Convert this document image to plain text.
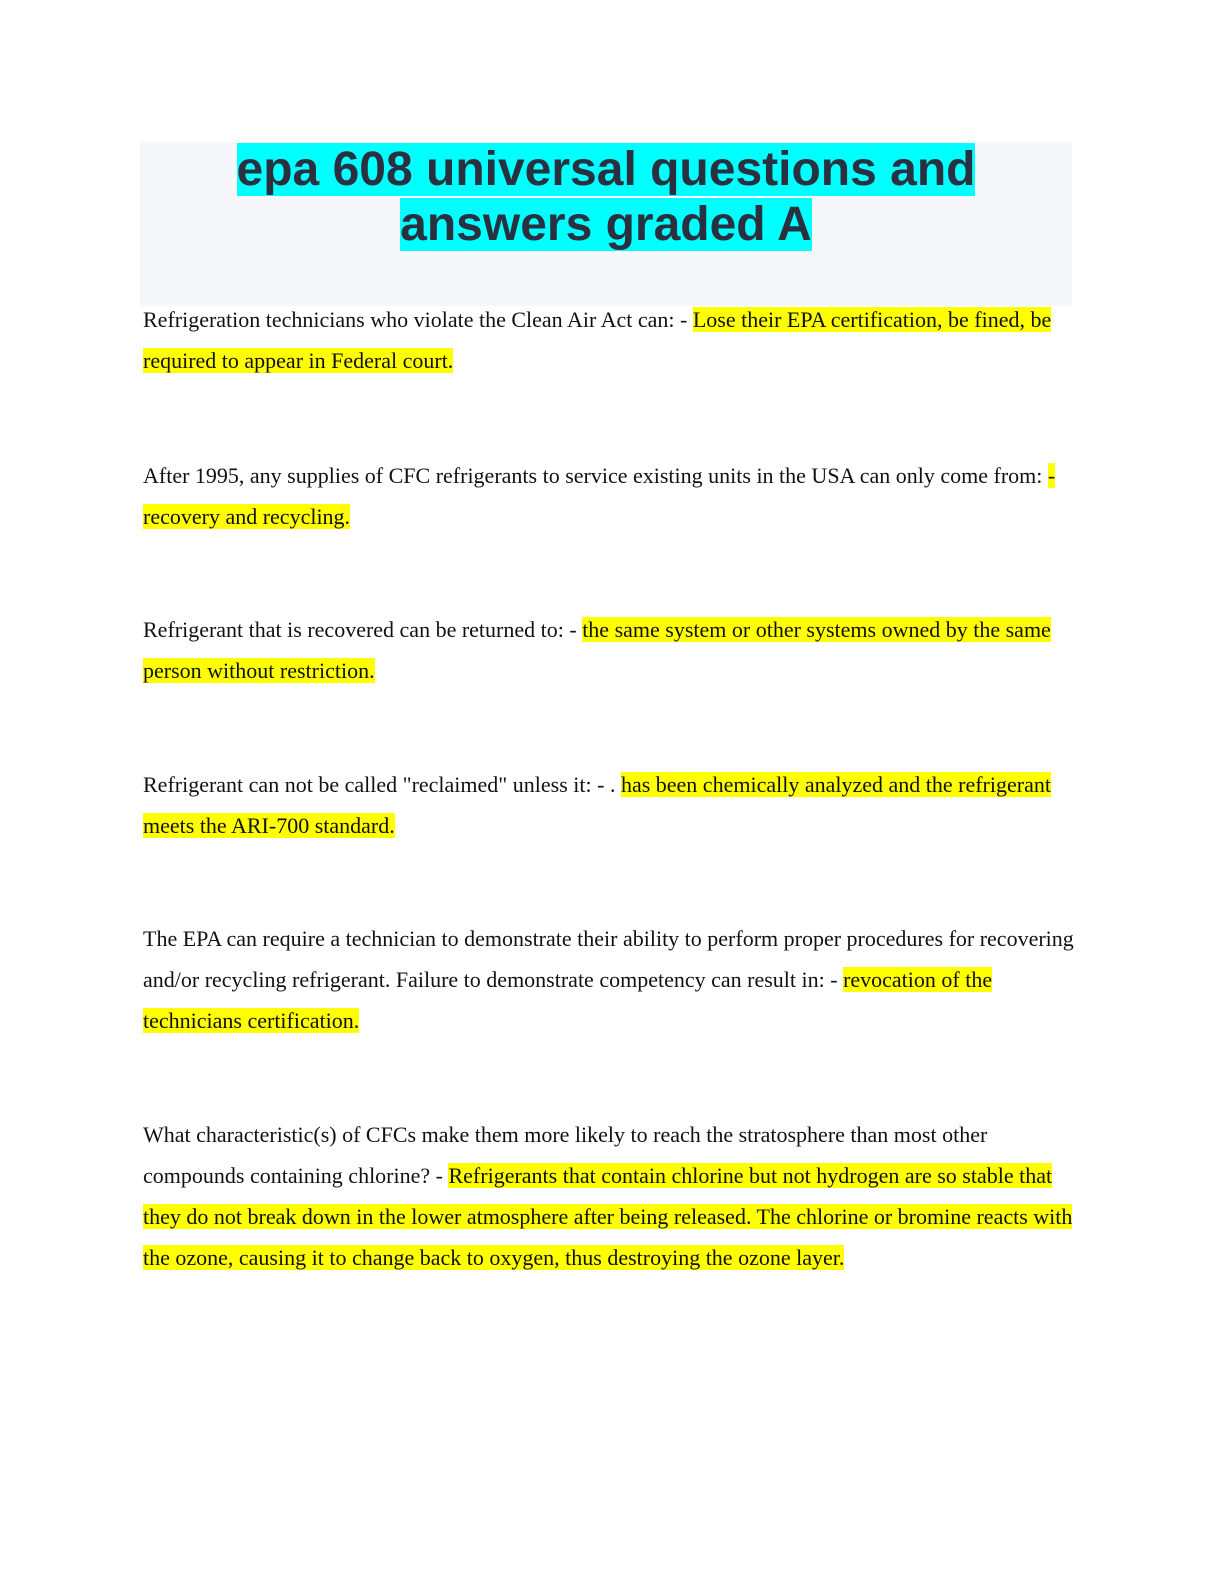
epa 608 universal questions and
answers graded A

Refrigeration technicians who violate the Clean Air Act can: - Lose their EPA certification, be fined, be required to appear in Federal court.

After 1995, any supplies of CFC refrigerants to service existing units in the USA can only come from: - recovery and recycling.

Refrigerant that is recovered can be returned to: - the same system or other systems owned by the same person without restriction.

Refrigerant can not be called "reclaimed" unless it: - . has been chemically analyzed and the refrigerant meets the ARI-700 standard.

The EPA can require a technician to demonstrate their ability to perform proper procedures for recovering and/or recycling refrigerant. Failure to demonstrate competency can result in: - revocation of the technicians certification.

What characteristic(s) of CFCs make them more likely to reach the stratosphere than most other compounds containing chlorine? - Refrigerants that contain chlorine but not hydrogen are so stable that they do not break down in the lower atmosphere after being released. The chlorine or bromine reacts with the ozone, causing it to change back to oxygen, thus destroying the ozone layer.
